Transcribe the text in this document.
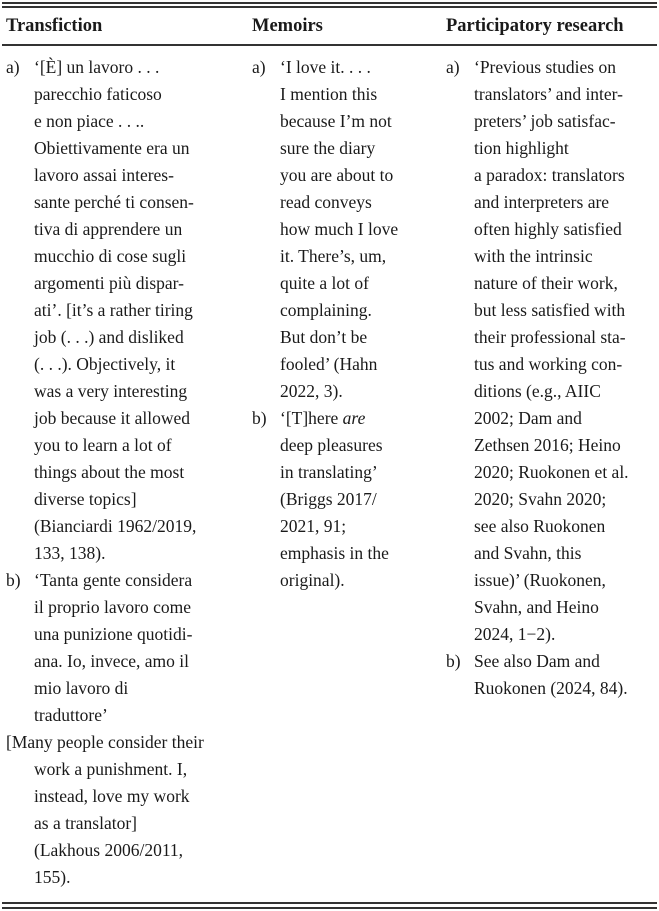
Transfiction	Memoirs	Participatory research
a) ‘[È] un lavoro . . .
parecchio faticoso
e non piace . . ..
Obiettivamente era un
lavoro assai interes-
sante perché ti consen-
tiva di apprendere un
mucchio di cose sugli
argomenti più dispar-
ati’. [it’s a rather tiring
job (. . .) and disliked
(. . .). Objectively, it
was a very interesting
job because it allowed
you to learn a lot of
things about the most
diverse topics]
(Bianciardi 1962/2019,
133, 138).
b) ‘Tanta gente considera
il proprio lavoro come
una punizione quotidi-
ana. Io, invece, amo il
mio lavoro di
traduttore’
[Many people consider their
work a punishment. I,
instead, love my work
as a translator]
(Lakhous 2006/2011,
155).
a) ‘I love it. . . .
I mention this
because I’m not
sure the diary
you are about to
read conveys
how much I love
it. There’s, um,
quite a lot of
complaining.
But don’t be
fooled’ (Hahn
2022, 3).
b) ‘[T]here are
deep pleasures
in translating’
(Briggs 2017/
2021, 91;
emphasis in the
original).
a) ‘Previous studies on
translators’ and inter-
preters’ job satisfac-
tion highlight
a paradox: translators
and interpreters are
often highly satisfied
with the intrinsic
nature of their work,
but less satisfied with
their professional sta-
tus and working con-
ditions (e.g., AIIC
2002; Dam and
Zethsen 2016; Heino
2020; Ruokonen et al.
2020; Svahn 2020;
see also Ruokonen
and Svahn, this
issue)’ (Ruokonen,
Svahn, and Heino
2024, 1−2).
b) See also Dam and
Ruokonen (2024, 84).
